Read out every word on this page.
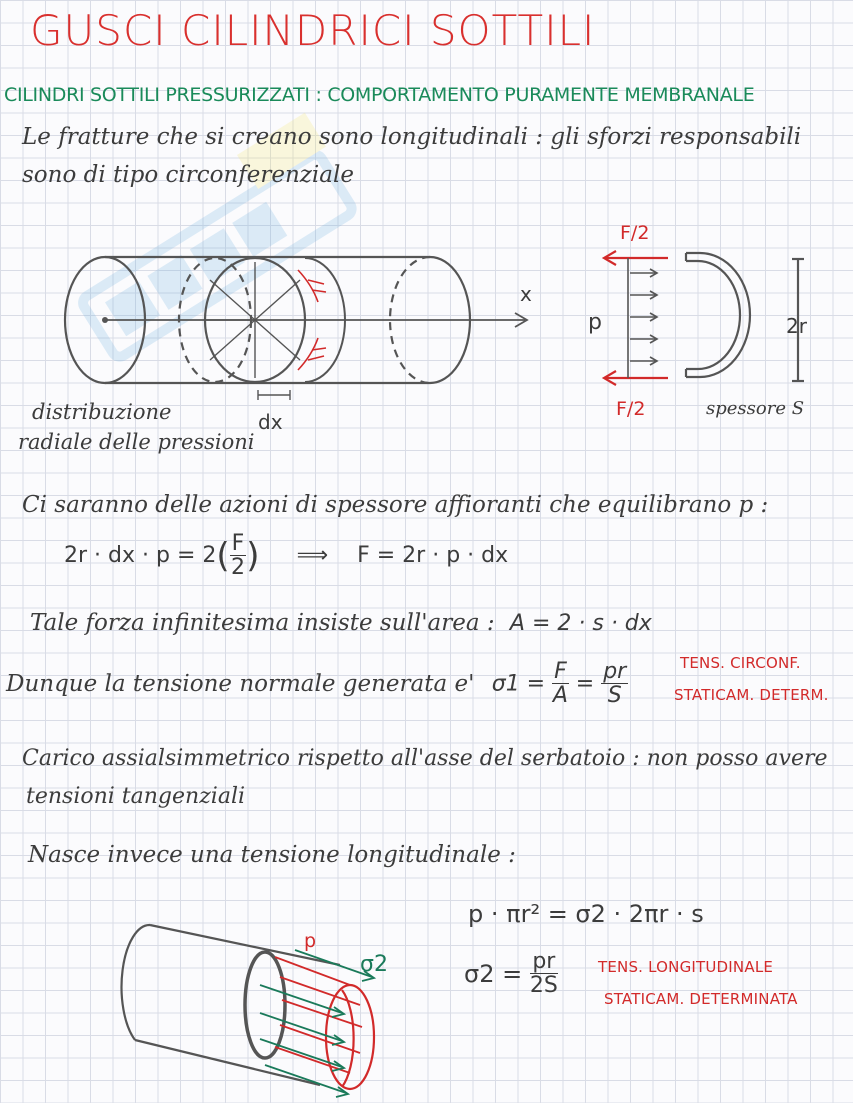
GUSCI CILINDRICI SOTTILI
CILINDRI SOTTILI PRESSURIZZATI : COMPORTAMENTO PURAMENTE MEMBRANALE
Le fratture che si creano sono longitudinali : gli sforzi responsabili
sono di tipo circonferenziale
x
dx
distribuzione
radiale delle pressioni
F/2
F/2
p	2r
spessore S
Ci saranno delle azioni di spessore affioranti che equilibrano p :
2r · dx · $p = 2( \frac{F}{2}$ ) ⟹ F = 2r · p · dx
Tale forza infinitesima insiste sull'area : A = 2 · s · dx
Dunque la tensione normale generata e' $\sigma 1 = \frac{F}{A} = \frac{pr}{S}$	TENS. CIRCONF.
STATICAM. DETERM.
Carico assialsimmetrico rispetto all'asse del serbatoio : non posso avere
tensioni tangenziali
Nasce invece una tensione longitudinale :
p
σ2
p · πr² = σ2 · 2πr · s
$\sigma 2 = \frac{pr}{2S}$	TENS. LONGITUDINALE
STATICAM. DETERMINATA
